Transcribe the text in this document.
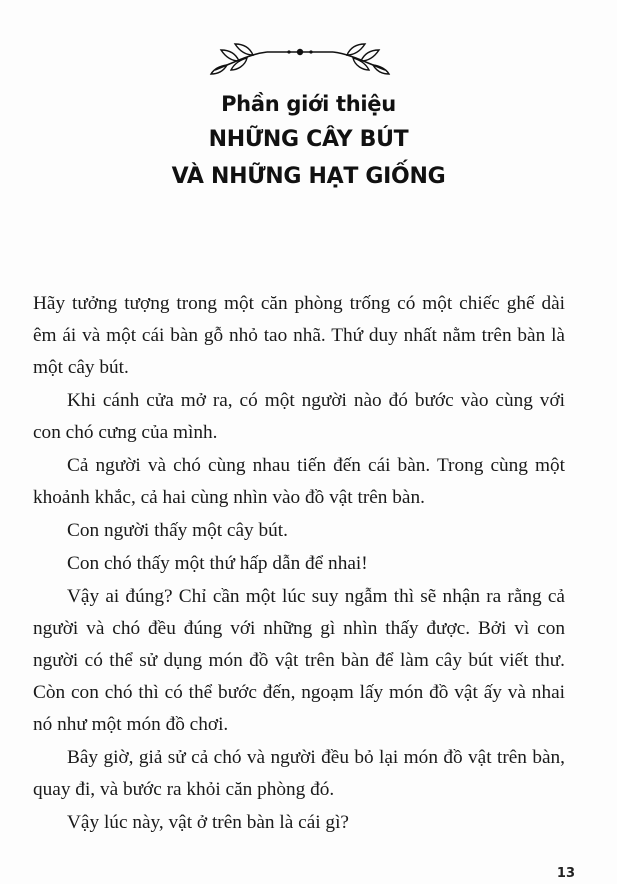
Phần giới thiệu
NHỮNG CÂY BÚT
VÀ NHỮNG HẠT GIỐNG

Hãy tưởng tượng trong một căn phòng trống có một chiếc ghế dài êm ái và một cái bàn gỗ nhỏ tao nhã. Thứ duy nhất nằm trên bàn là một cây bút.

Khi cánh cửa mở ra, có một người nào đó bước vào cùng với con chó cưng của mình.

Cả người và chó cùng nhau tiến đến cái bàn. Trong cùng một khoảnh khắc, cả hai cùng nhìn vào đồ vật trên bàn.

Con người thấy một cây bút.

Con chó thấy một thứ hấp dẫn để nhai!

Vậy ai đúng? Chỉ cần một lúc suy ngẫm thì sẽ nhận ra rằng cả người và chó đều đúng với những gì nhìn thấy được. Bởi vì con người có thể sử dụng món đồ vật trên bàn để làm cây bút viết thư. Còn con chó thì có thể bước đến, ngoạm lấy món đồ vật ấy và nhai nó như một món đồ chơi.

Bây giờ, giả sử cả chó và người đều bỏ lại món đồ vật trên bàn, quay đi, và bước ra khỏi căn phòng đó.

Vậy lúc này, vật ở trên bàn là cái gì?

13
